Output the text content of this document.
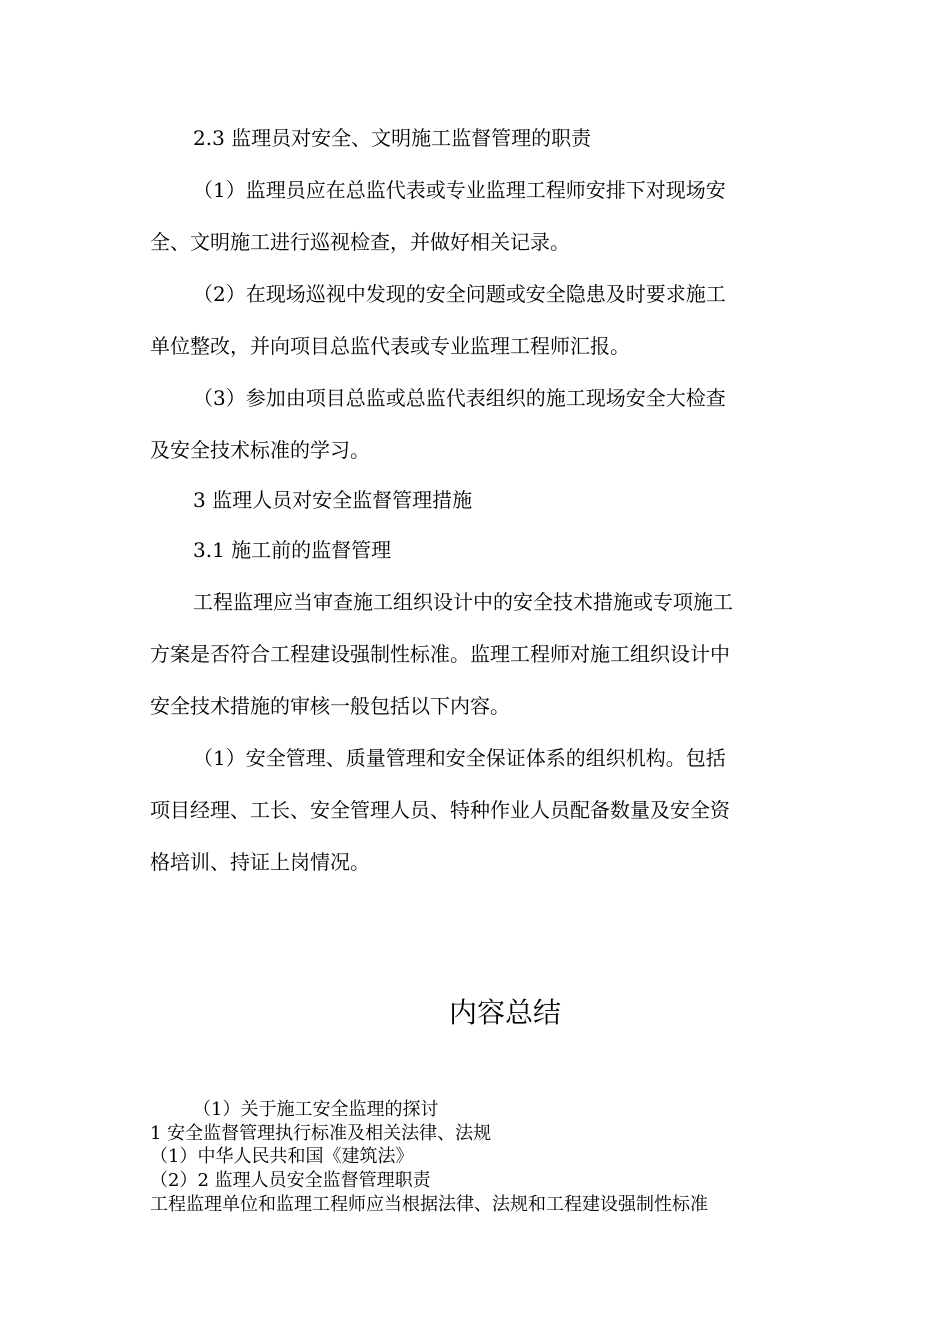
2.3 监理员对安全、文明施工监督管理的职责

（1）监理员应在总监代表或专业监理工程师安排下对现场安

全、文明施工进行巡视检查，并做好相关记录。

（2）在现场巡视中发现的安全问题或安全隐患及时要求施工

单位整改，并向项目总监代表或专业监理工程师汇报。

（3）参加由项目总监或总监代表组织的施工现场安全大检查

及安全技术标准的学习。

3 监理人员对安全监督管理措施

3.1 施工前的监督管理

工程监理应当审查施工组织设计中的安全技术措施或专项施工

方案是否符合工程建设强制性标准。监理工程师对施工组织设计中

安全技术措施的审核一般包括以下内容。

（1）安全管理、质量管理和安全保证体系的组织机构。包括

项目经理、工长、安全管理人员、特种作业人员配备数量及安全资

格培训、持证上岗情况。

内容总结

（1）关于施工安全监理的探讨

1 安全监督管理执行标准及相关法律、法规

（1）中华人民共和国《建筑法》

（2）2 监理人员安全监督管理职责

工程监理单位和监理工程师应当根据法律、法规和工程建设强制性标准
